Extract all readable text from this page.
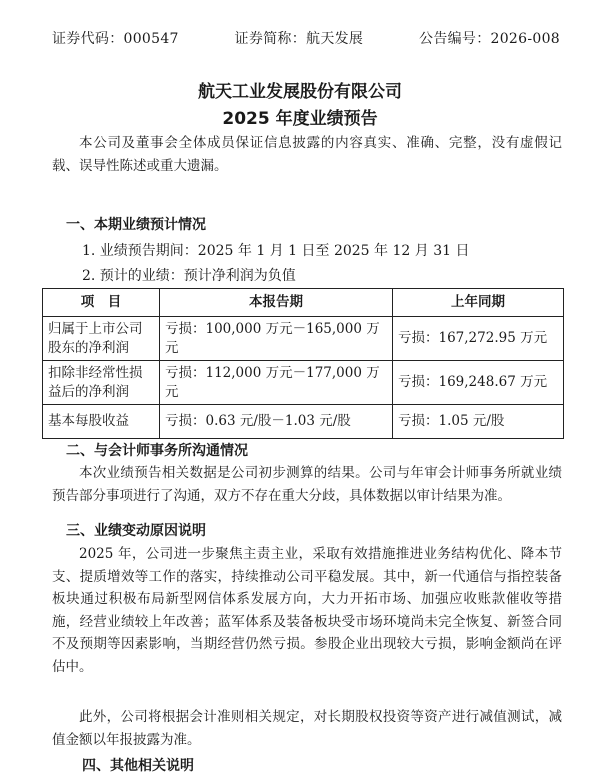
证券代码：000547	证券简称：航天发展	公告编号：2026-008
航天工业发展股份有限公司
2025 年度业绩预告

本公司及董事会全体成员保证信息披露的内容真实、准确、完整，没有虚假记载、误导性陈述或重大遗漏。

一、本期业绩预计情况
1. 业绩预告期间：2025 年 1 月 1 日至 2025 年 12 月 31 日
2. 预计的业绩：预计净利润为负值
项　目	本报告期	上年同期
归属于上市公司股东的净利润	亏损：100,000 万元－165,000 万元	亏损：167,272.95 万元
扣除非经常性损益后的净利润	亏损：112,000 万元－177,000 万元	亏损：169,248.67 万元
基本每股收益	亏损：0.63 元/股－1.03 元/股	亏损：1.05 元/股
二、与会计师事务所沟通情况

本次业绩预告相关数据是公司初步测算的结果。公司与年审会计师事务所就业绩预告部分事项进行了沟通，双方不存在重大分歧，具体数据以审计结果为准。

三、业绩变动原因说明

2025 年，公司进一步聚焦主责主业，采取有效措施推进业务结构优化、降本节支、提质增效等工作的落实，持续推动公司平稳发展。其中，新一代通信与指控装备板块通过积极布局新型网信体系发展方向，大力开拓市场、加强应收账款催收等措施，经营业绩较上年改善；蓝军体系及装备板块受市场环境尚未完全恢复、新签合同不及预期等因素影响，当期经营仍然亏损。参股企业出现较大亏损，影响金额尚在评估中。

此外，公司将根据会计准则相关规定，对长期股权投资等资产进行减值测试，减值金额以年报披露为准。

四、其他相关说明
